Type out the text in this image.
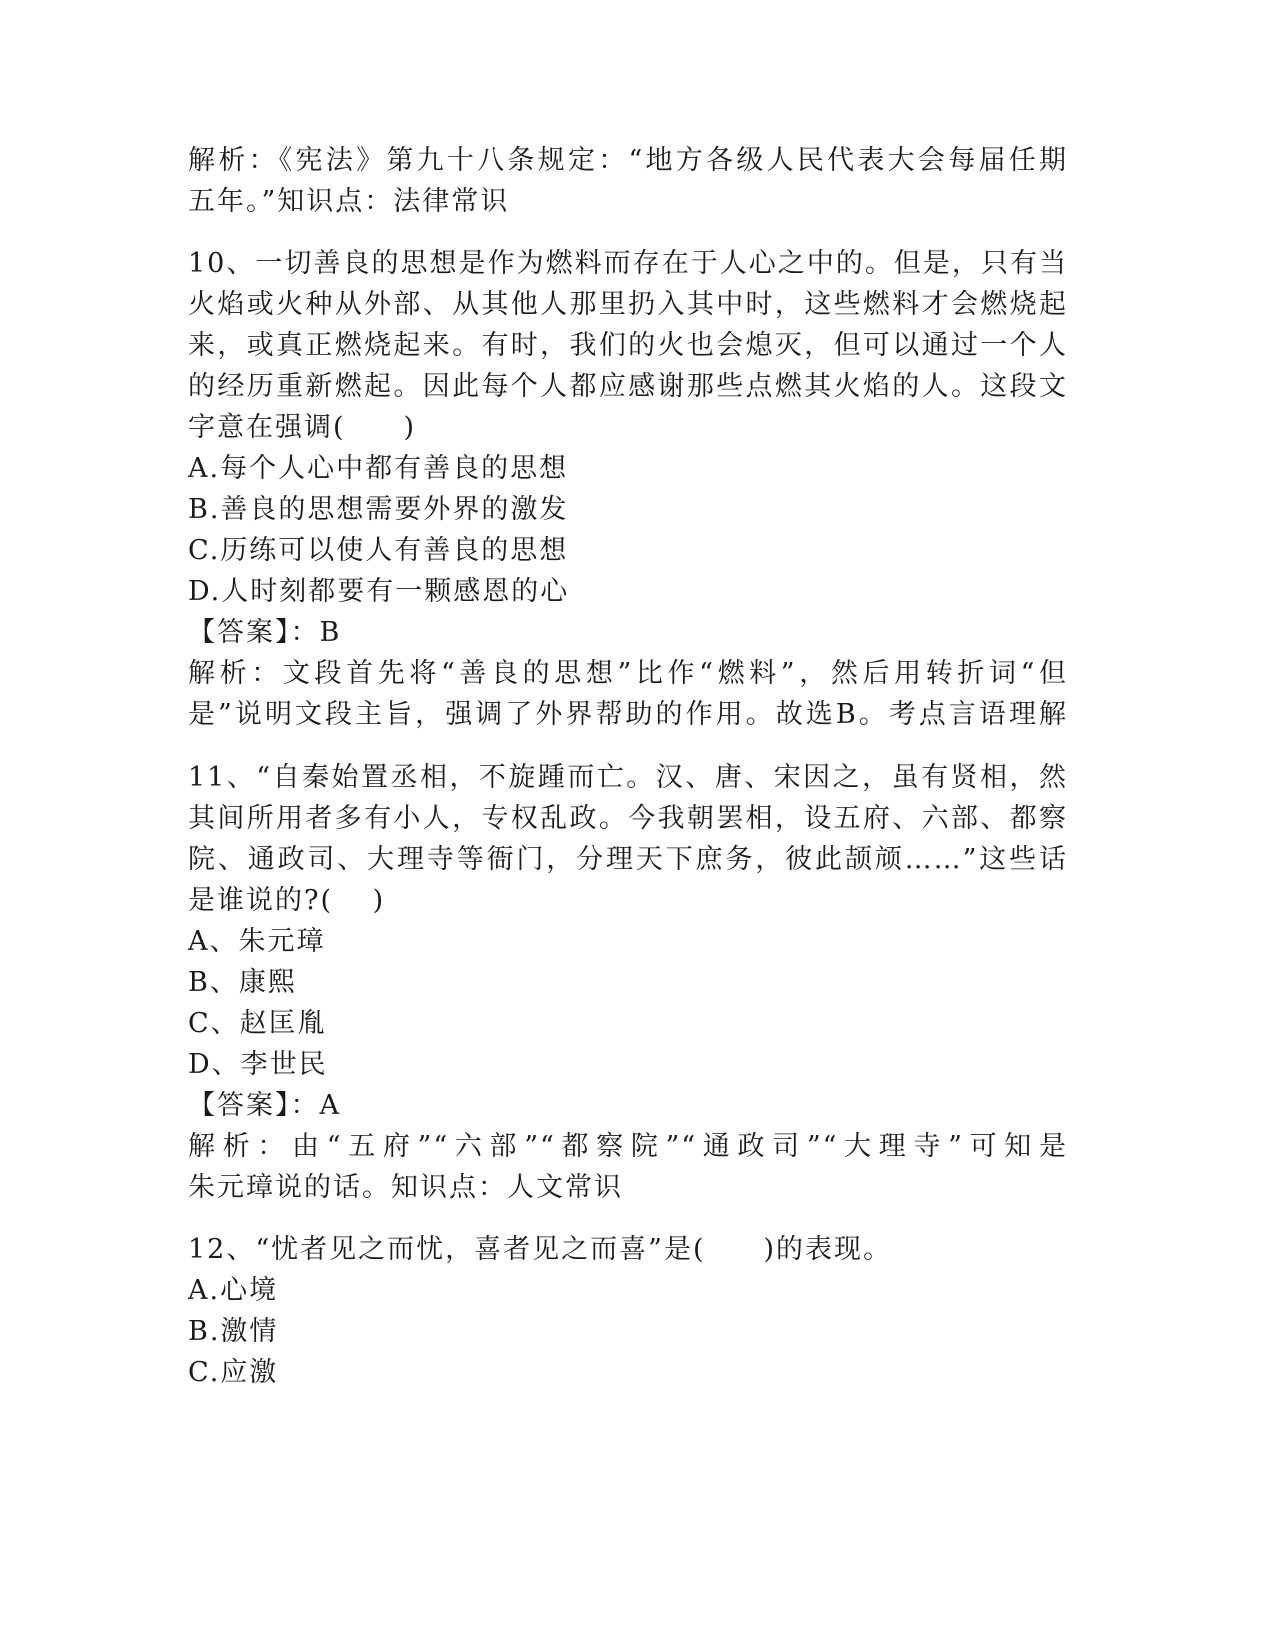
解析：《宪法》第九十八条规定：“地方各级人民代表大会每届任期
五年。”知识点：法律常识
10、一切善良的思想是作为燃料而存在于人心之中的。但是，只有当
火焰或火种从外部、从其他人那里扔入其中时，这些燃料才会燃烧起
来，或真正燃烧起来。有时，我们的火也会熄灭，但可以通过一个人
的经历重新燃起。因此每个人都应感谢那些点燃其火焰的人。这段文
字意在强调(　　)
A.每个人心中都有善良的思想
B.善良的思想需要外界的激发
C.历练可以使人有善良的思想
D.人时刻都要有一颗感恩的心
【答案】：B
解析：文段首先将“善良的思想”比作“燃料”，然后用转折词“但
是”说明文段主旨，强调了外界帮助的作用。故选B。考点言语理解
11、“自秦始置丞相，不旋踵而亡。汉、唐、宋因之，虽有贤相，然
其间所用者多有小人，专权乱政。今我朝罢相，设五府、六部、都察
院、通政司、大理寺等衙门，分理天下庶务，彼此颉颃……”这些话
是谁说的?(　 )
A、朱元璋
B、康熙
C、赵匡胤
D、李世民
【答案】：A
解析：由“五府”“六部”“都察院”“通政司”“大理寺”可知是
朱元璋说的话。知识点：人文常识
12、“忧者见之而忧，喜者见之而喜”是(　　)的表现。
A.心境
B.激情
C.应激
